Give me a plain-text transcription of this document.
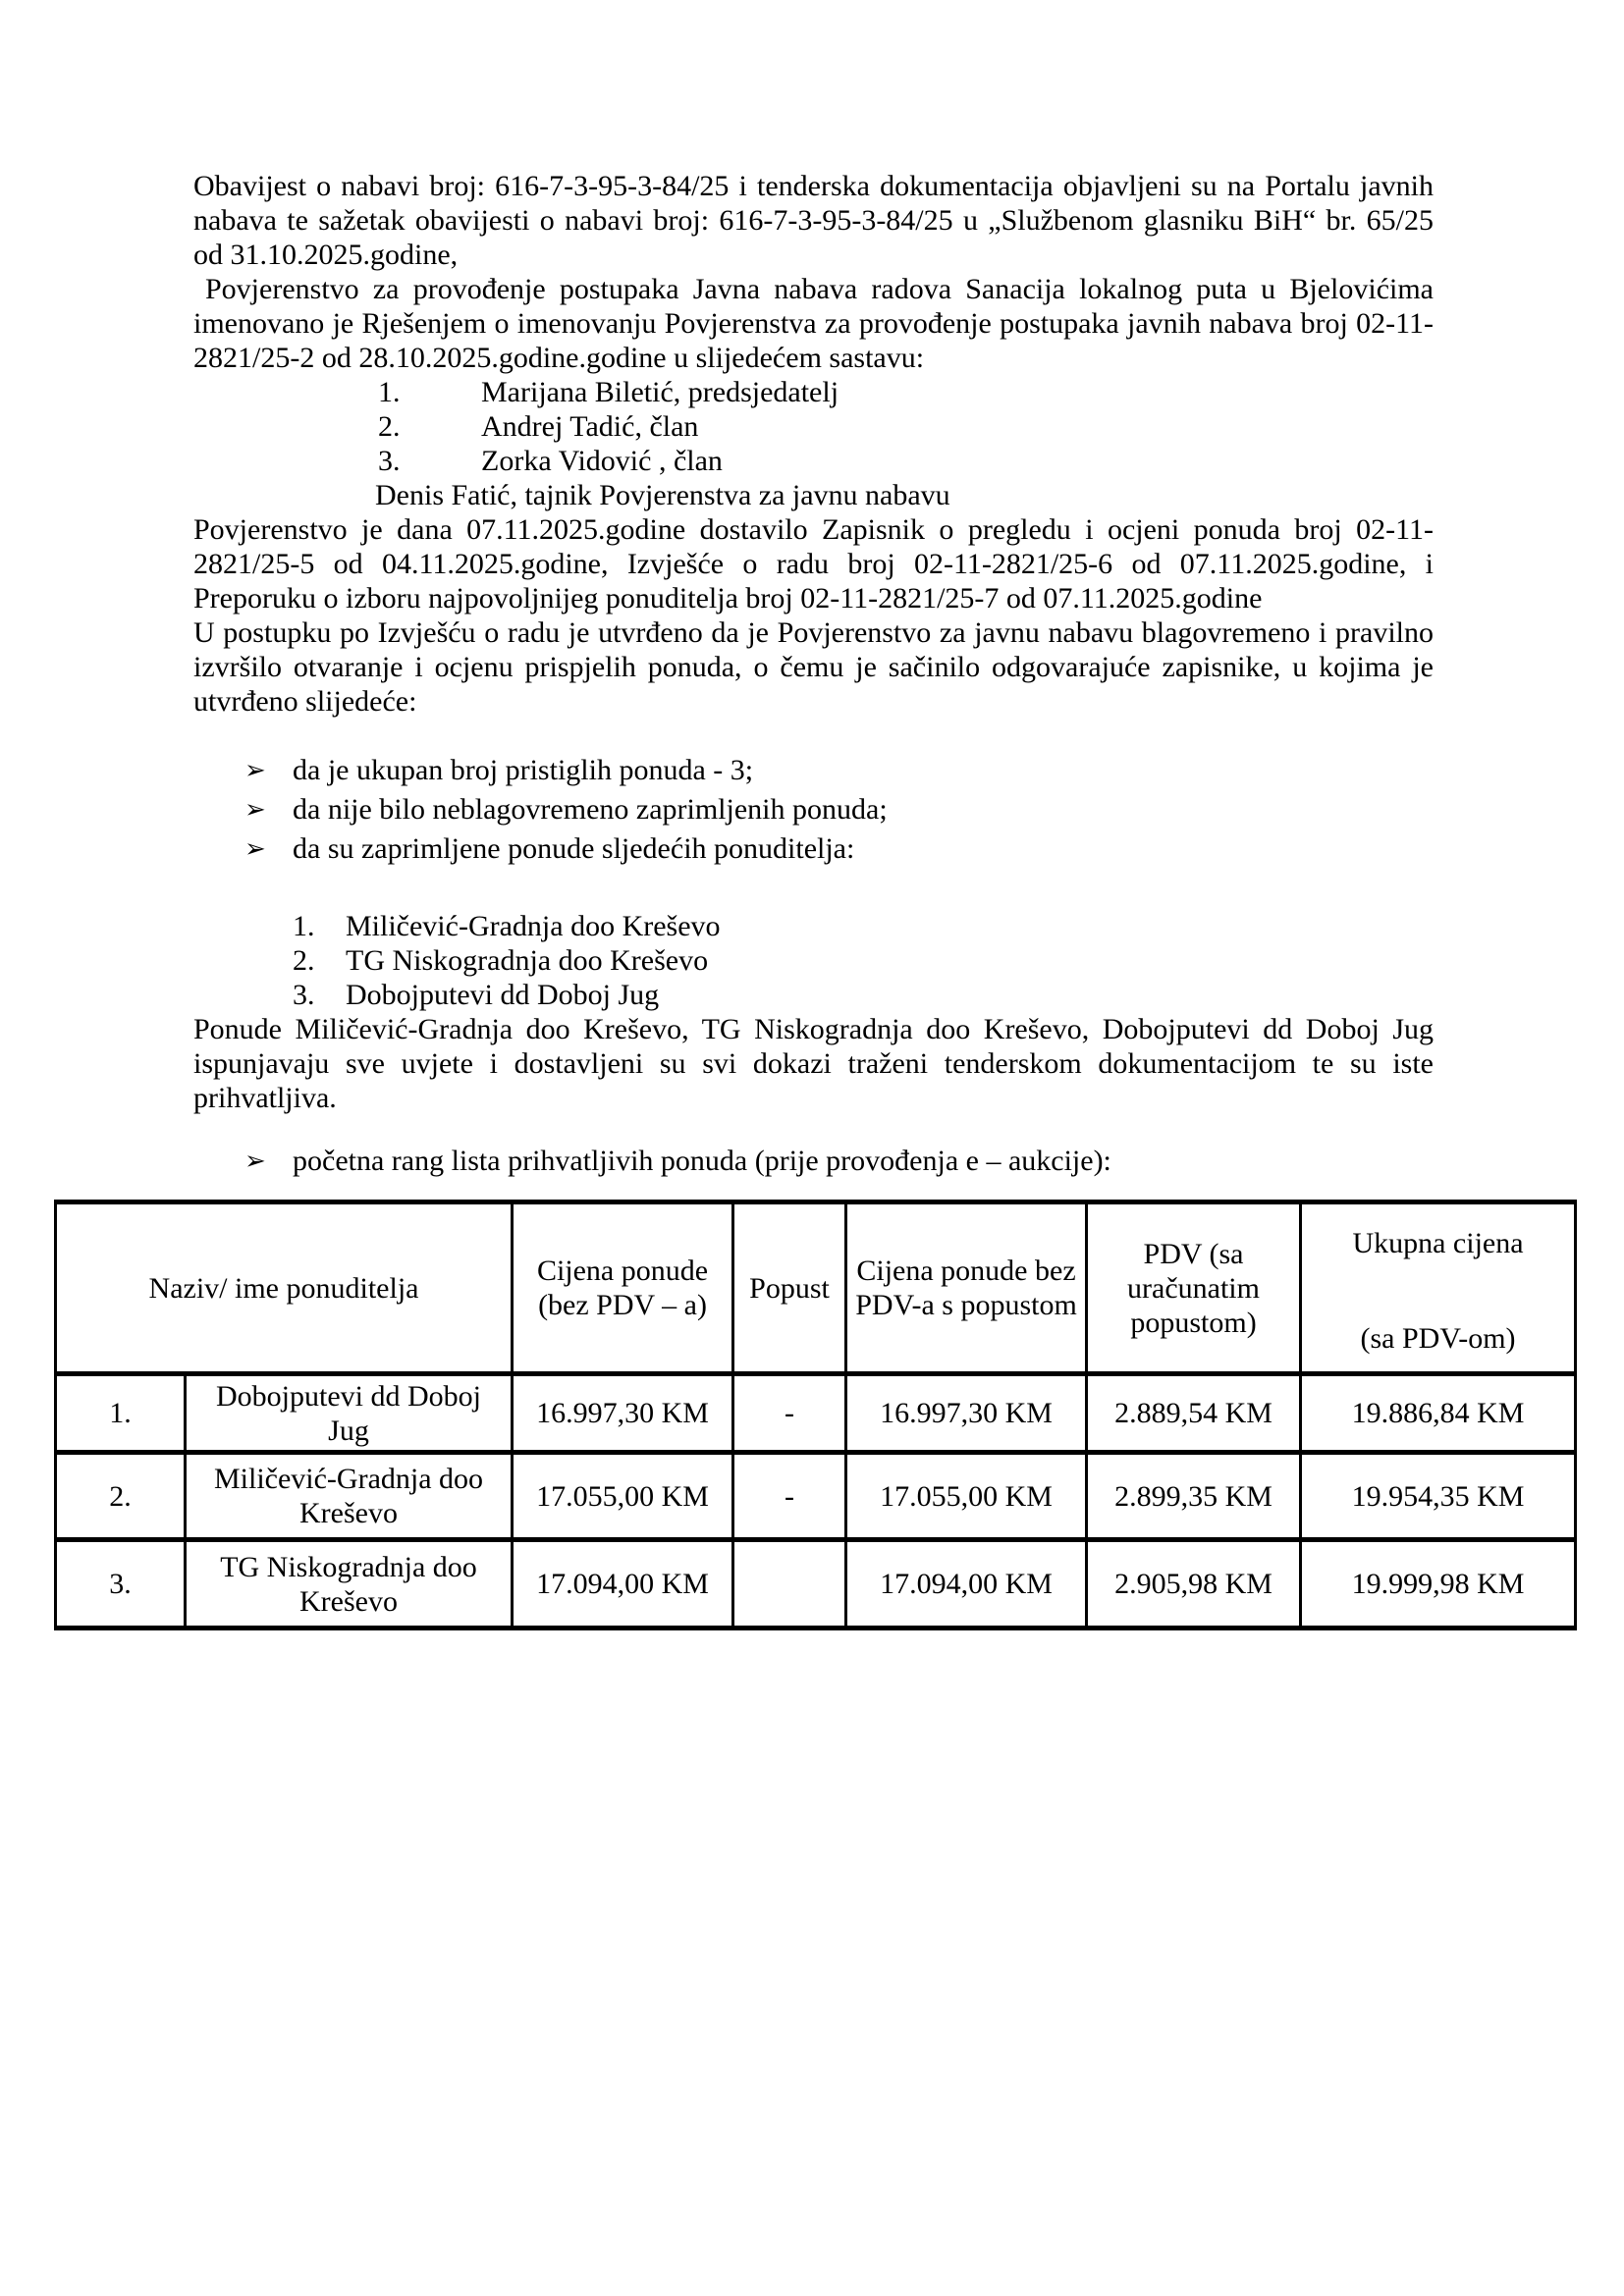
Obavijest o nabavi broj: 616-7-3-95-3-84/25 i tenderska dokumentacija objavljeni su na Portalu javnih nabava te sažetak obavijesti o nabavi broj: 616-7-3-95-3-84/25 u „Službenom glasniku BiH“ br. 65/25 od 31.10.2025.godine,

Povjerenstvo za provođenje postupaka Javna nabava radova Sanacija lokalnog puta u Bjelovićima imenovano je Rješenjem o imenovanju Povjerenstva za provođenje postupaka javnih nabava broj 02-11-2821/25-2 od 28.10.2025.godine.godine u slijedećem sastavu:

1.	Marijana Biletić, predsjedatelj
2.	Andrej Tadić, član
3.	Zorka Vidović , član
Denis Fatić, tajnik Povjerenstva za javnu nabavu

Povjerenstvo je dana 07.11.2025.godine dostavilo Zapisnik o pregledu i ocjeni ponuda broj 02-11-2821/25-5 od 04.11.2025.godine, Izvješće o radu broj 02-11-2821/25-6 od 07.11.2025.godine, i Preporuku o izboru najpovoljnijeg ponuditelja broj 02-11-2821/25-7 od 07.11.2025.godine

U postupku po Izvješću o radu je utvrđeno da je Povjerenstvo za javnu nabavu blagovremeno i pravilno izvršilo otvaranje i ocjenu prispjelih ponuda, o čemu je sačinilo odgovarajuće zapisnike, u kojima je utvrđeno slijedeće:

➢ da je ukupan broj pristiglih ponuda - 3;
➢ da nije bilo neblagovremeno zaprimljenih ponuda;
➢ da su zaprimljene ponude sljedećih ponuditelja:
1.	Miličević-Gradnja doo Kreševo
2.	TG Niskogradnja doo Kreševo
3.	Dobojputevi dd Doboj Jug

Ponude Miličević-Gradnja doo Kreševo, TG Niskogradnja doo Kreševo, Dobojputevi dd Doboj Jug ispunjavaju sve uvjete i dostavljeni su svi dokazi traženi tenderskom dokumentacijom te su iste prihvatljiva.

➢ početna rang lista prihvatljivih ponuda (prije provođenja e – aukcije):
Naziv/ ime ponuditelja		Cijena ponude (bez PDV – a)	Popust	Cijena ponude bez PDV-a s popustom	PDV (sa uračunatim popustom)	Ukupna cijena
(sa PDV-om)

1.	Dobojputevi dd Doboj Jug	16.997,30 KM	-	16.997,30 KM	2.889,54 KM	19.886,84 KM
2.	Miličević-Gradnja doo Kreševo	17.055,00 KM	-	17.055,00 KM	2.899,35 KM	19.954,35 KM
3.	TG Niskogradnja doo Kreševo	17.094,00 KM		17.094,00 KM	2.905,98 KM	19.999,98 KM
